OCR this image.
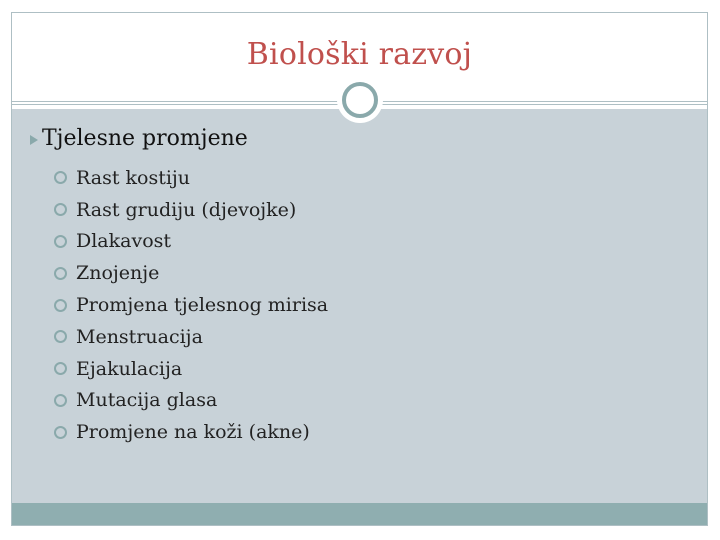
Biološki razvoj
Tjelesne promjene
Rast kostiju
Rast grudiju (djevojke)
Dlakavost
Znojenje
Promjena tjelesnog mirisa
Menstruacija
Ejakulacija
Mutacija glasa
Promjene na koži (akne)
